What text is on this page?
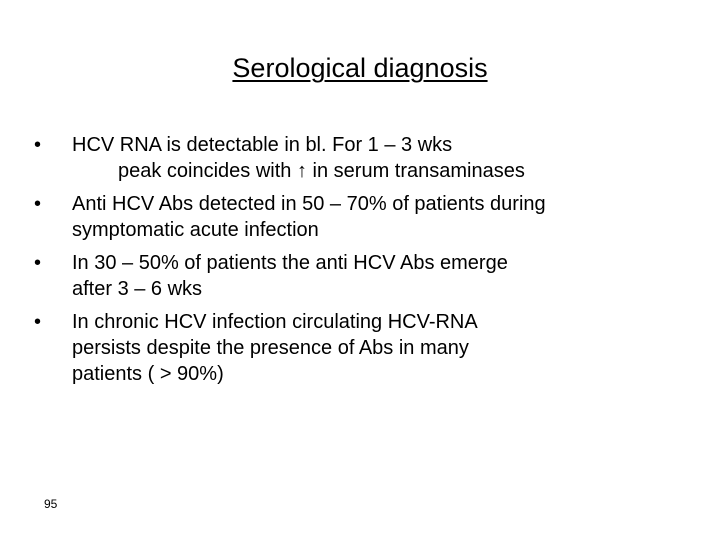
Serological diagnosis
•	HCV RNA is detectable in bl. For 1 – 3 wks
peak coincides with ↑ in serum transaminases
•	Anti HCV Abs detected in 50 – 70% of patients during
symptomatic acute infection
•	In 30 – 50% of patients the anti HCV Abs emerge
after 3 – 6 wks
•	In chronic HCV infection circulating HCV-RNA
persists despite the presence of Abs in many
patients ( > 90%)
95
